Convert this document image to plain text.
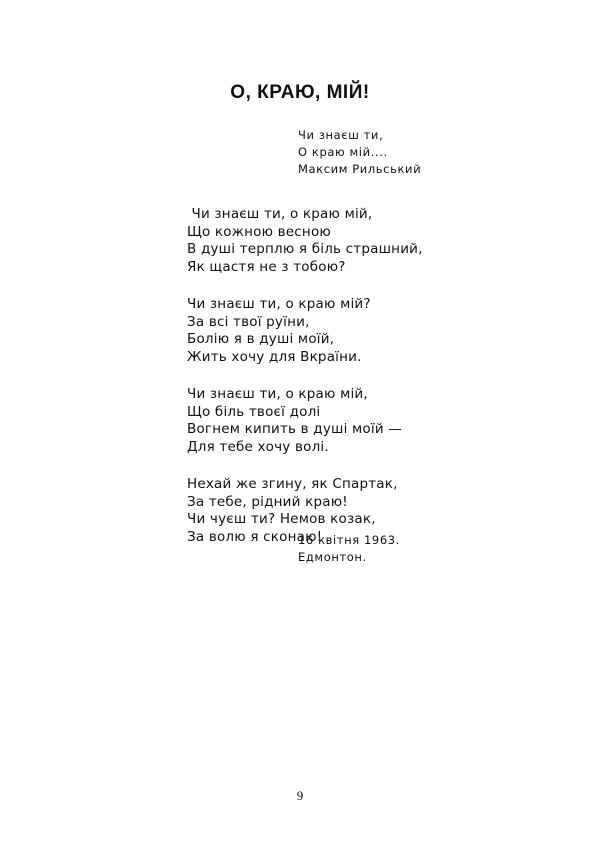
О, КРАЮ, МІЙ!
Чи знаєш ти,
О краю мій....
Максим Рильський
Чи знаєш ти, о краю мій,
Що кожною весною
В душі терплю я біль страшний,
Як щастя не з тобою?
Чи знаєш ти, о краю мій?
За всі твої руїни,
Болію я в душі моїй,
Жить хочу для Вкраїни.
Чи знаєш ти, о краю мій,
Що біль твоєї долі
Вогнем кипить в душі моїй —
Для тебе хочу волі.
Нехай же згину, як Спартак,
За тебе, рідний краю!
Чи чуєш ти? Немов козак,
За волю я сконаю!
16 квітня 1963.
Едмонтон.
9
